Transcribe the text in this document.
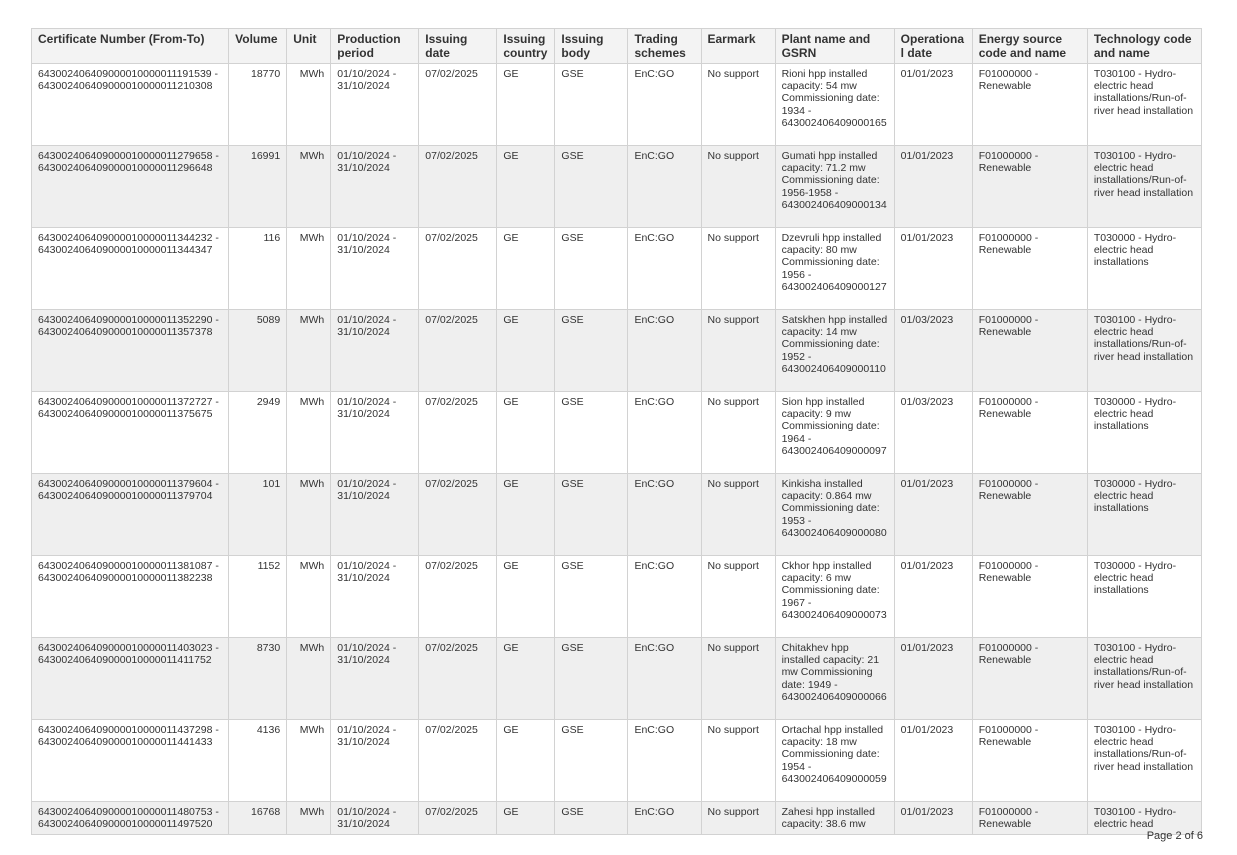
Certificate Number (From-To)	Volume	Unit	Production period	Issuing date	Issuing country	Issuing body	Trading schemes	Earmark	Plant name and GSRN	Operational date	Energy source code and name	Technology code and name
643002406409000010000011191539 - 643002406409000010000011210308	18770	MWh	01/10/2024 - 31/10/2024	07/02/2025	GE	GSE	EnC:GO	No support	Rioni hpp installed capacity: 54 mw Commissioning date: 1934 - 643002406409000165	01/01/2023	F01000000 - Renewable	T030100 - Hydro-electric head installations/Run-of-river head installation
643002406409000010000011279658 - 643002406409000010000011296648	16991	MWh	01/10/2024 - 31/10/2024	07/02/2025	GE	GSE	EnC:GO	No support	Gumati hpp installed capacity: 71.2 mw Commissioning date: 1956-1958 - 643002406409000134	01/01/2023	F01000000 - Renewable	T030100 - Hydro-electric head installations/Run-of-river head installation
643002406409000010000011344232 - 643002406409000010000011344347	116	MWh	01/10/2024 - 31/10/2024	07/02/2025	GE	GSE	EnC:GO	No support	Dzevruli hpp installed capacity: 80 mw Commissioning date: 1956 - 643002406409000127	01/01/2023	F01000000 - Renewable	T030000 - Hydro-electric head installations
643002406409000010000011352290 - 643002406409000010000011357378	5089	MWh	01/10/2024 - 31/10/2024	07/02/2025	GE	GSE	EnC:GO	No support	Satskhen hpp installed capacity: 14 mw Commissioning date: 1952 - 643002406409000110	01/03/2023	F01000000 - Renewable	T030100 - Hydro-electric head installations/Run-of-river head installation
643002406409000010000011372727 - 643002406409000010000011375675	2949	MWh	01/10/2024 - 31/10/2024	07/02/2025	GE	GSE	EnC:GO	No support	Sion hpp installed capacity: 9 mw Commissioning date: 1964 - 643002406409000097	01/03/2023	F01000000 - Renewable	T030000 - Hydro-electric head installations
643002406409000010000011379604 - 643002406409000010000011379704	101	MWh	01/10/2024 - 31/10/2024	07/02/2025	GE	GSE	EnC:GO	No support	Kinkisha installed capacity: 0.864 mw Commissioning date: 1953 - 643002406409000080	01/01/2023	F01000000 - Renewable	T030000 - Hydro-electric head installations
643002406409000010000011381087 - 643002406409000010000011382238	1152	MWh	01/10/2024 - 31/10/2024	07/02/2025	GE	GSE	EnC:GO	No support	Ckhor hpp installed capacity: 6 mw Commissioning date: 1967 - 643002406409000073	01/01/2023	F01000000 - Renewable	T030000 - Hydro-electric head installations
643002406409000010000011403023 - 643002406409000010000011411752	8730	MWh	01/10/2024 - 31/10/2024	07/02/2025	GE	GSE	EnC:GO	No support	Chitakhev hpp installed capacity: 21 mw Commissioning date: 1949 - 643002406409000066	01/01/2023	F01000000 - Renewable	T030100 - Hydro-electric head installations/Run-of-river head installation
643002406409000010000011437298 - 643002406409000010000011441433	4136	MWh	01/10/2024 - 31/10/2024	07/02/2025	GE	GSE	EnC:GO	No support	Ortachal hpp installed capacity: 18 mw Commissioning date: 1954 - 643002406409000059	01/01/2023	F01000000 - Renewable	T030100 - Hydro-electric head installations/Run-of-river head installation
643002406409000010000011480753 - 643002406409000010000011497520	16768	MWh	01/10/2024 - 31/10/2024	07/02/2025	GE	GSE	EnC:GO	No support	Zahesi hpp installed capacity: 38.6 mw	01/01/2023	F01000000 - Renewable	T030100 - Hydro-electric head
Page 2 of 6
